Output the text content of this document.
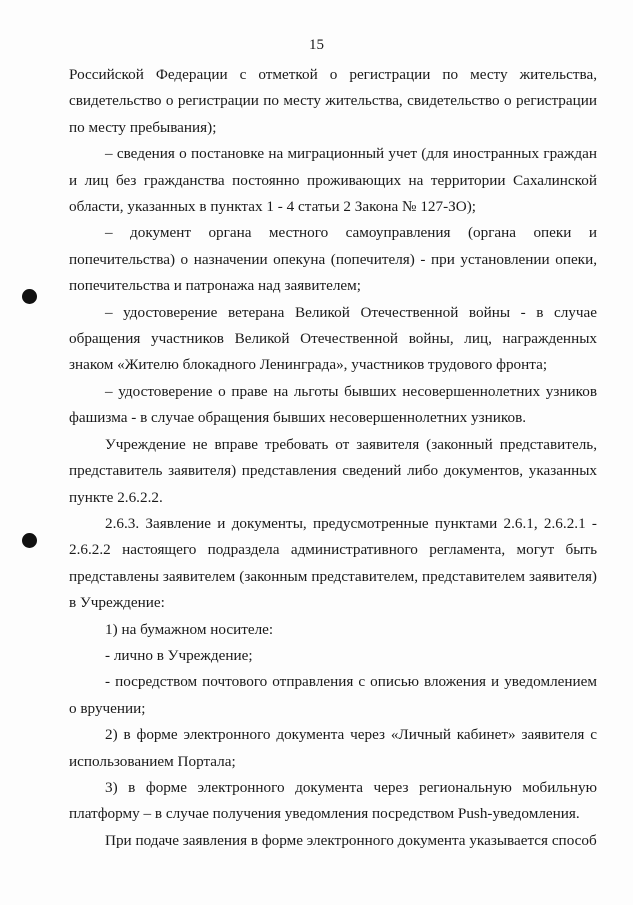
15

Российской Федерации с отметкой о регистрации по месту жительства, свидетельство о регистрации по месту жительства, свидетельство о регистрации по месту пребывания);

– сведения о постановке на миграционный учет (для иностранных граждан и лиц без гражданства постоянно проживающих на территории Сахалинской области, указанных в пунктах 1 - 4 статьи 2 Закона № 127-ЗО);

– документ органа местного самоуправления (органа опеки и попечительства) о назначении опекуна (попечителя) - при установлении опеки, попечительства и патронажа над заявителем;

– удостоверение ветерана Великой Отечественной войны - в случае обращения участников Великой Отечественной войны, лиц, награжденных знаком «Жителю блокадного Ленинграда», участников трудового фронта;

– удостоверение о праве на льготы бывших несовершеннолетних узников фашизма - в случае обращения бывших несовершеннолетних узников.

Учреждение не вправе требовать от заявителя (законный представитель, представитель заявителя) представления сведений либо документов, указанных пункте 2.6.2.2.

2.6.3. Заявление и документы, предусмотренные пунктами 2.6.1, 2.6.2.1 - 2.6.2.2 настоящего подраздела административного регламента, могут быть представлены заявителем (законным представителем, представителем заявителя) в Учреждение:

1) на бумажном носителе:

- лично в Учреждение;

- посредством почтового отправления с описью вложения и уведомлением о вручении;

2) в форме электронного документа через «Личный кабинет» заявителя с использованием Портала;

3) в форме электронного документа через региональную мобильную платформу – в случае получения уведомления посредством Push-уведомления.

При подаче заявления в форме электронного документа указывается способ
